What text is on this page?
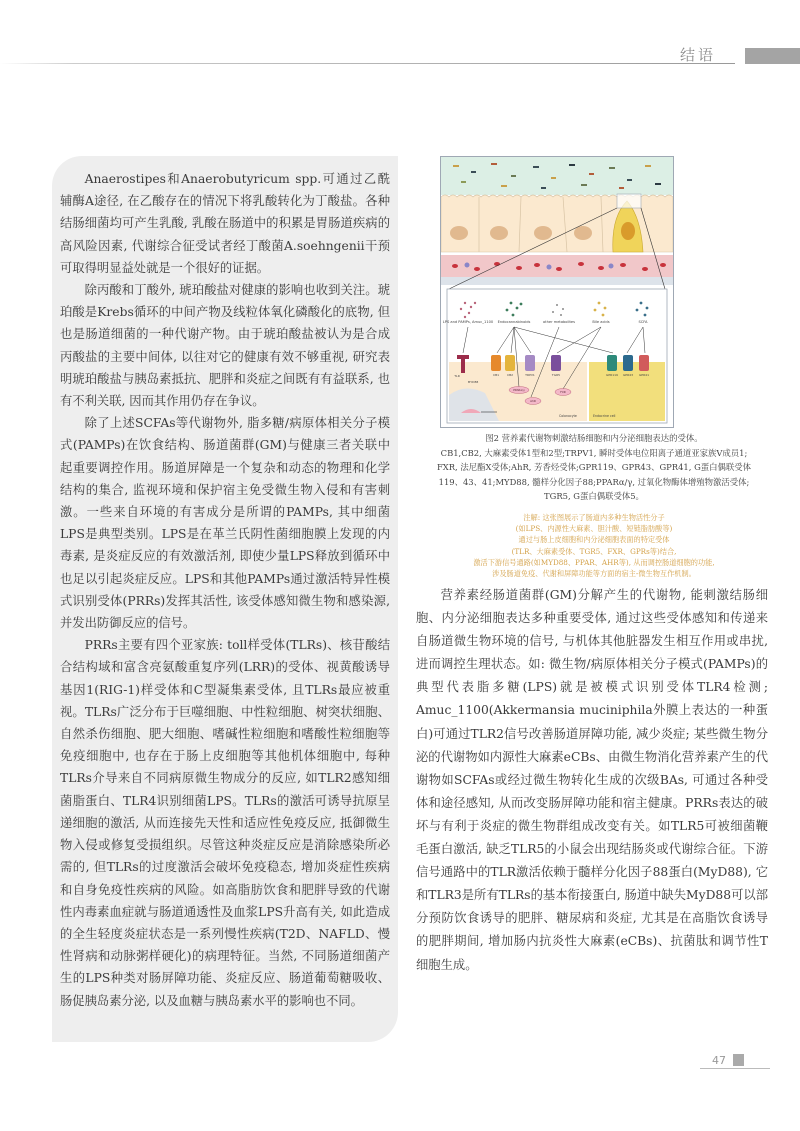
结语

Anaerostipes和Anaerobutyricum spp.可通过乙酰辅酶A途径, 在乙酸存在的情况下将乳酸转化为丁酸盐。各种结肠细菌均可产生乳酸, 乳酸在肠道中的积累是胃肠道疾病的高风险因素, 代谢综合征受试者经丁酸菌A.soehngenii干预可取得明显益处就是一个很好的证据。

除丙酸和丁酸外, 琥珀酸盐对健康的影响也收到关注。琥珀酸是Krebs循环的中间产物及线粒体氧化磷酸化的底物, 但也是肠道细菌的一种代谢产物。由于琥珀酸盐被认为是合成丙酸盐的主要中间体, 以往对它的健康有效不够重视, 研究表明琥珀酸盐与胰岛素抵抗、肥胖和炎症之间既有有益联系, 也有不利关联, 因而其作用仍存在争议。

除了上述SCFAs等代谢物外, 脂多糖/病原体相关分子模式(PAMPs)在饮食结构、肠道菌群(GM)与健康三者关联中起重要调控作用。肠道屏障是一个复杂和动态的物理和化学结构的集合, 监视环境和保护宿主免受微生物入侵和有害刺激。一些来自环境的有害成分是所谓的PAMPs, 其中细菌LPS是典型类别。LPS是在革兰氏阴性菌细胞膜上发现的内毒素, 是炎症反应的有效激活剂, 即使少量LPS释放到循环中也足以引起炎症反应。LPS和其他PAMPs通过激活特异性模式识别受体(PRRs)发挥其活性, 该受体感知微生物和感染源, 并发出防御反应的信号。

PRRs主要有四个亚家族: toll样受体(TLRs)、核苷酸结合结构域和富含亮氨酸重复序列(LRR)的受体、视黄酸诱导基因1(RIG-1)样受体和C型凝集素受体, 且TLRs最应被重视。TLRs广泛分布于巨噬细胞、中性粒细胞、树突状细胞、自然杀伤细胞、肥大细胞、嗜碱性粒细胞和嗜酸性粒细胞等免疫细胞中, 也存在于肠上皮细胞等其他机体细胞中, 每种TLRs介导来自不同病原微生物成分的反应, 如TLR2感知细菌脂蛋白、TLR4识别细菌LPS。TLRs的激活可诱导抗原呈递细胞的激活, 从而连接先天性和适应性免疫反应, 抵御微生物入侵或修复受损组织。尽管这种炎症反应是消除感染所必需的, 但TLRs的过度激活会破坏免疫稳态, 增加炎症性疾病和自身免疫性疾病的风险。如高脂肪饮食和肥胖导致的代谢性内毒素血症就与肠道通透性及血浆LPS升高有关, 如此造成的全生轻度炎症状态是一系列慢性疾病(T2D、NAFLD、慢性肾病和动脉粥样硬化)的病理特征。当然, 不同肠道细菌产生的LPS种类对肠屏障功能、炎症反应、肠道葡萄糖吸收、肠促胰岛素分泌, 以及血糖与胰岛素水平的影响也不同。

LPS and PAMPs, Amuc_1100 Endocannabinoids	other metabolites	Bile acids	SCFA
TLR
MYD88
CB1	CB2	TRPV1	TGR5	GPR119 GPR43 GPR41
PPARα/γ
AhR
FXR
Colonocyte	Endocrine cell
图2 营养素代谢物刺激结肠细胞和内分泌细胞表达的受体。
CB1,CB2, 大麻素受体1型和2型;TRPV1, 瞬时受体电位阳离子通道亚家族V成员1;
FXR, 法尼酯X受体;AhR, 芳香烃受体;GPR119、GPR43、GPR41, G蛋白偶联受体
119、43、41;MYD88, 髓样分化因子88;PPARα/γ, 过氧化物酶体增殖物激活受体;
TGR5, G蛋白偶联受体5。
注解: 这张图展示了肠道内多种生物活性分子
(如LPS、内源性大麻素、胆汁酸、短链脂肪酸等)
通过与肠上皮细胞和内分泌细胞表面的特定受体
(TLR、大麻素受体、TGR5、FXR、GPRs等)结合,
激活下游信号通路(如MYD88、PPAR、AHR等), 从而调控肠道细胞的功能,
涉及肠道免疫、代谢和屏障功能等方面的宿主-微生物互作机制。

营养素经肠道菌群(GM)分解产生的代谢物, 能刺激结肠细胞、内分泌细胞表达多种重要受体, 通过这些受体感知和传递来自肠道微生物环境的信号, 与机体其他脏器发生相互作用或串扰, 进而调控生理状态。如: 微生物/病原体相关分子模式(PAMPs)的典型代表脂多糖(LPS)就是被模式识别受体TLR4检测; Amuc_1100(Akkermansia muciniphila外膜上表达的一种蛋白)可通过TLR2信号改善肠道屏障功能, 减少炎症; 某些微生物分泌的代谢物如内源性大麻素eCBs、由微生物消化营养素产生的代谢物如SCFAs或经过微生物转化生成的次级BAs, 可通过各种受体和途径感知, 从而改变肠屏障功能和宿主健康。PRRs表达的破坏与有利于炎症的微生物群组成改变有关。如TLR5可被细菌鞭毛蛋白激活, 缺乏TLR5的小鼠会出现结肠炎或代谢综合征。下游信号通路中的TLR激活依赖于髓样分化因子88蛋白(MyD88), 它和TLR3是所有TLRs的基本衔接蛋白, 肠道中缺失MyD88可以部分预防饮食诱导的肥胖、糖尿病和炎症, 尤其是在高脂饮食诱导的肥胖期间, 增加肠内抗炎性大麻素(eCBs)、抗菌肽和调节性T细胞生成。

47
